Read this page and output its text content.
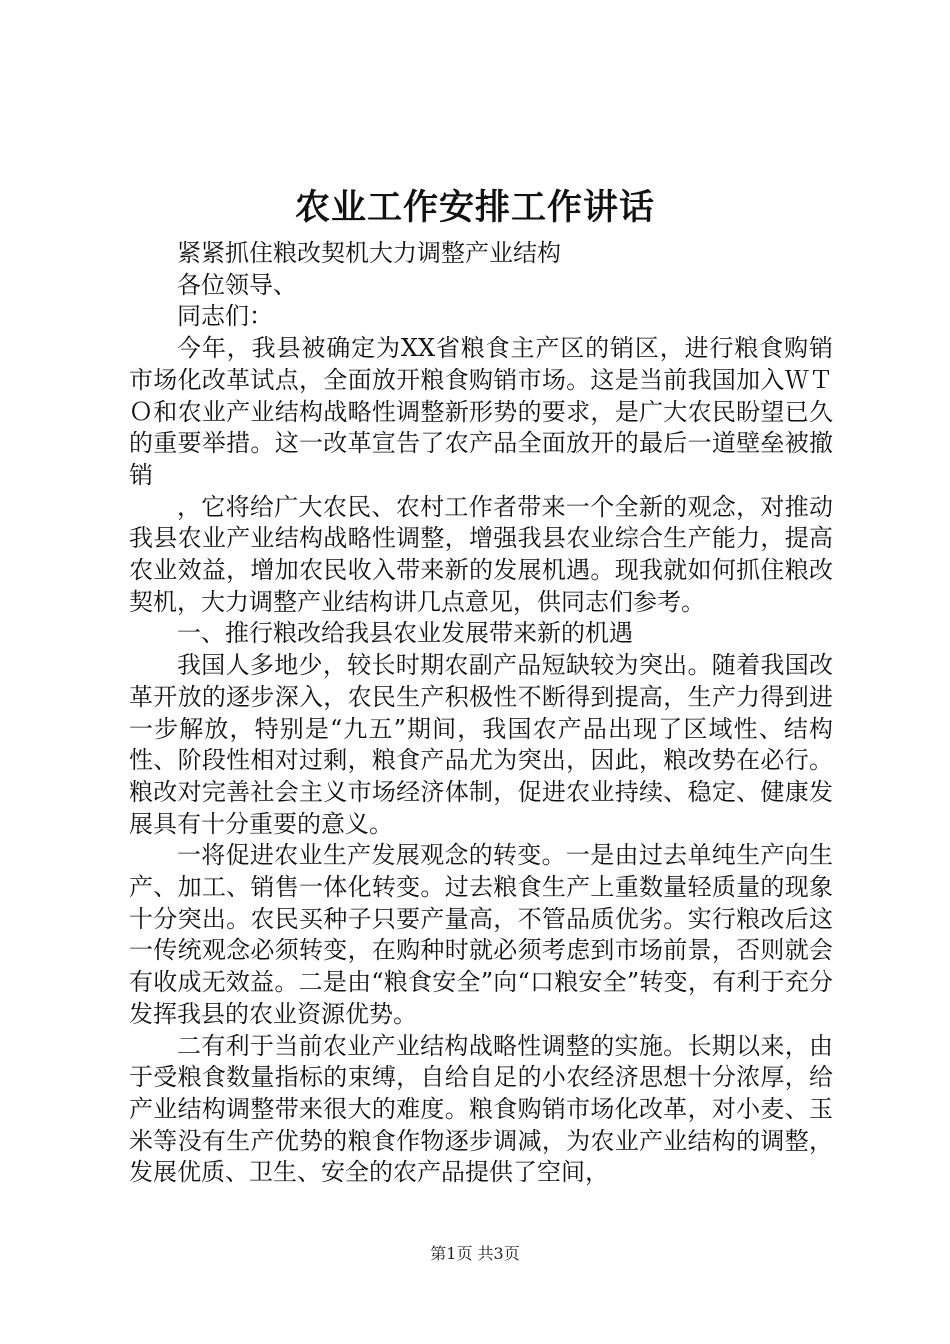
农业工作安排工作讲话

紧紧抓住粮改契机大力调整产业结构

各位领导、

同志们：

今年，我县被确定为XX省粮食主产区的销区，进行粮食购销市场化改革试点，全面放开粮食购销市场。这是当前我国加入ＷＴＯ和农业产业结构战略性调整新形势的要求，是广大农民盼望已久的重要举措。这一改革宣告了农产品全面放开的最后一道壁垒被撤销

，它将给广大农民、农村工作者带来一个全新的观念，对推动我县农业产业结构战略性调整，增强我县农业综合生产能力，提高农业效益，增加农民收入带来新的发展机遇。现我就如何抓住粮改契机，大力调整产业结构讲几点意见，供同志们参考。

一、推行粮改给我县农业发展带来新的机遇

我国人多地少，较长时期农副产品短缺较为突出。随着我国改革开放的逐步深入，农民生产积极性不断得到提高，生产力得到进一步解放，特别是“九五”期间，我国农产品出现了区域性、结构性、阶段性相对过剩，粮食产品尤为突出，因此，粮改势在必行。粮改对完善社会主义市场经济体制，促进农业持续、稳定、健康发展具有十分重要的意义。

一将促进农业生产发展观念的转变。一是由过去单纯生产向生产、加工、销售一体化转变。过去粮食生产上重数量轻质量的现象十分突出。农民买种子只要产量高，不管品质优劣。实行粮改后这一传统观念必须转变，在购种时就必须考虑到市场前景，否则就会有收成无效益。二是由“粮食安全”向“口粮安全”转变，有利于充分发挥我县的农业资源优势。

二有利于当前农业产业结构战略性调整的实施。长期以来，由于受粮食数量指标的束缚，自给自足的小农经济思想十分浓厚，给产业结构调整带来很大的难度。粮食购销市场化改革，对小麦、玉米等没有生产优势的粮食作物逐步调减，为农业产业结构的调整，发展优质、卫生、安全的农产品提供了空间，

第1页 共3页
